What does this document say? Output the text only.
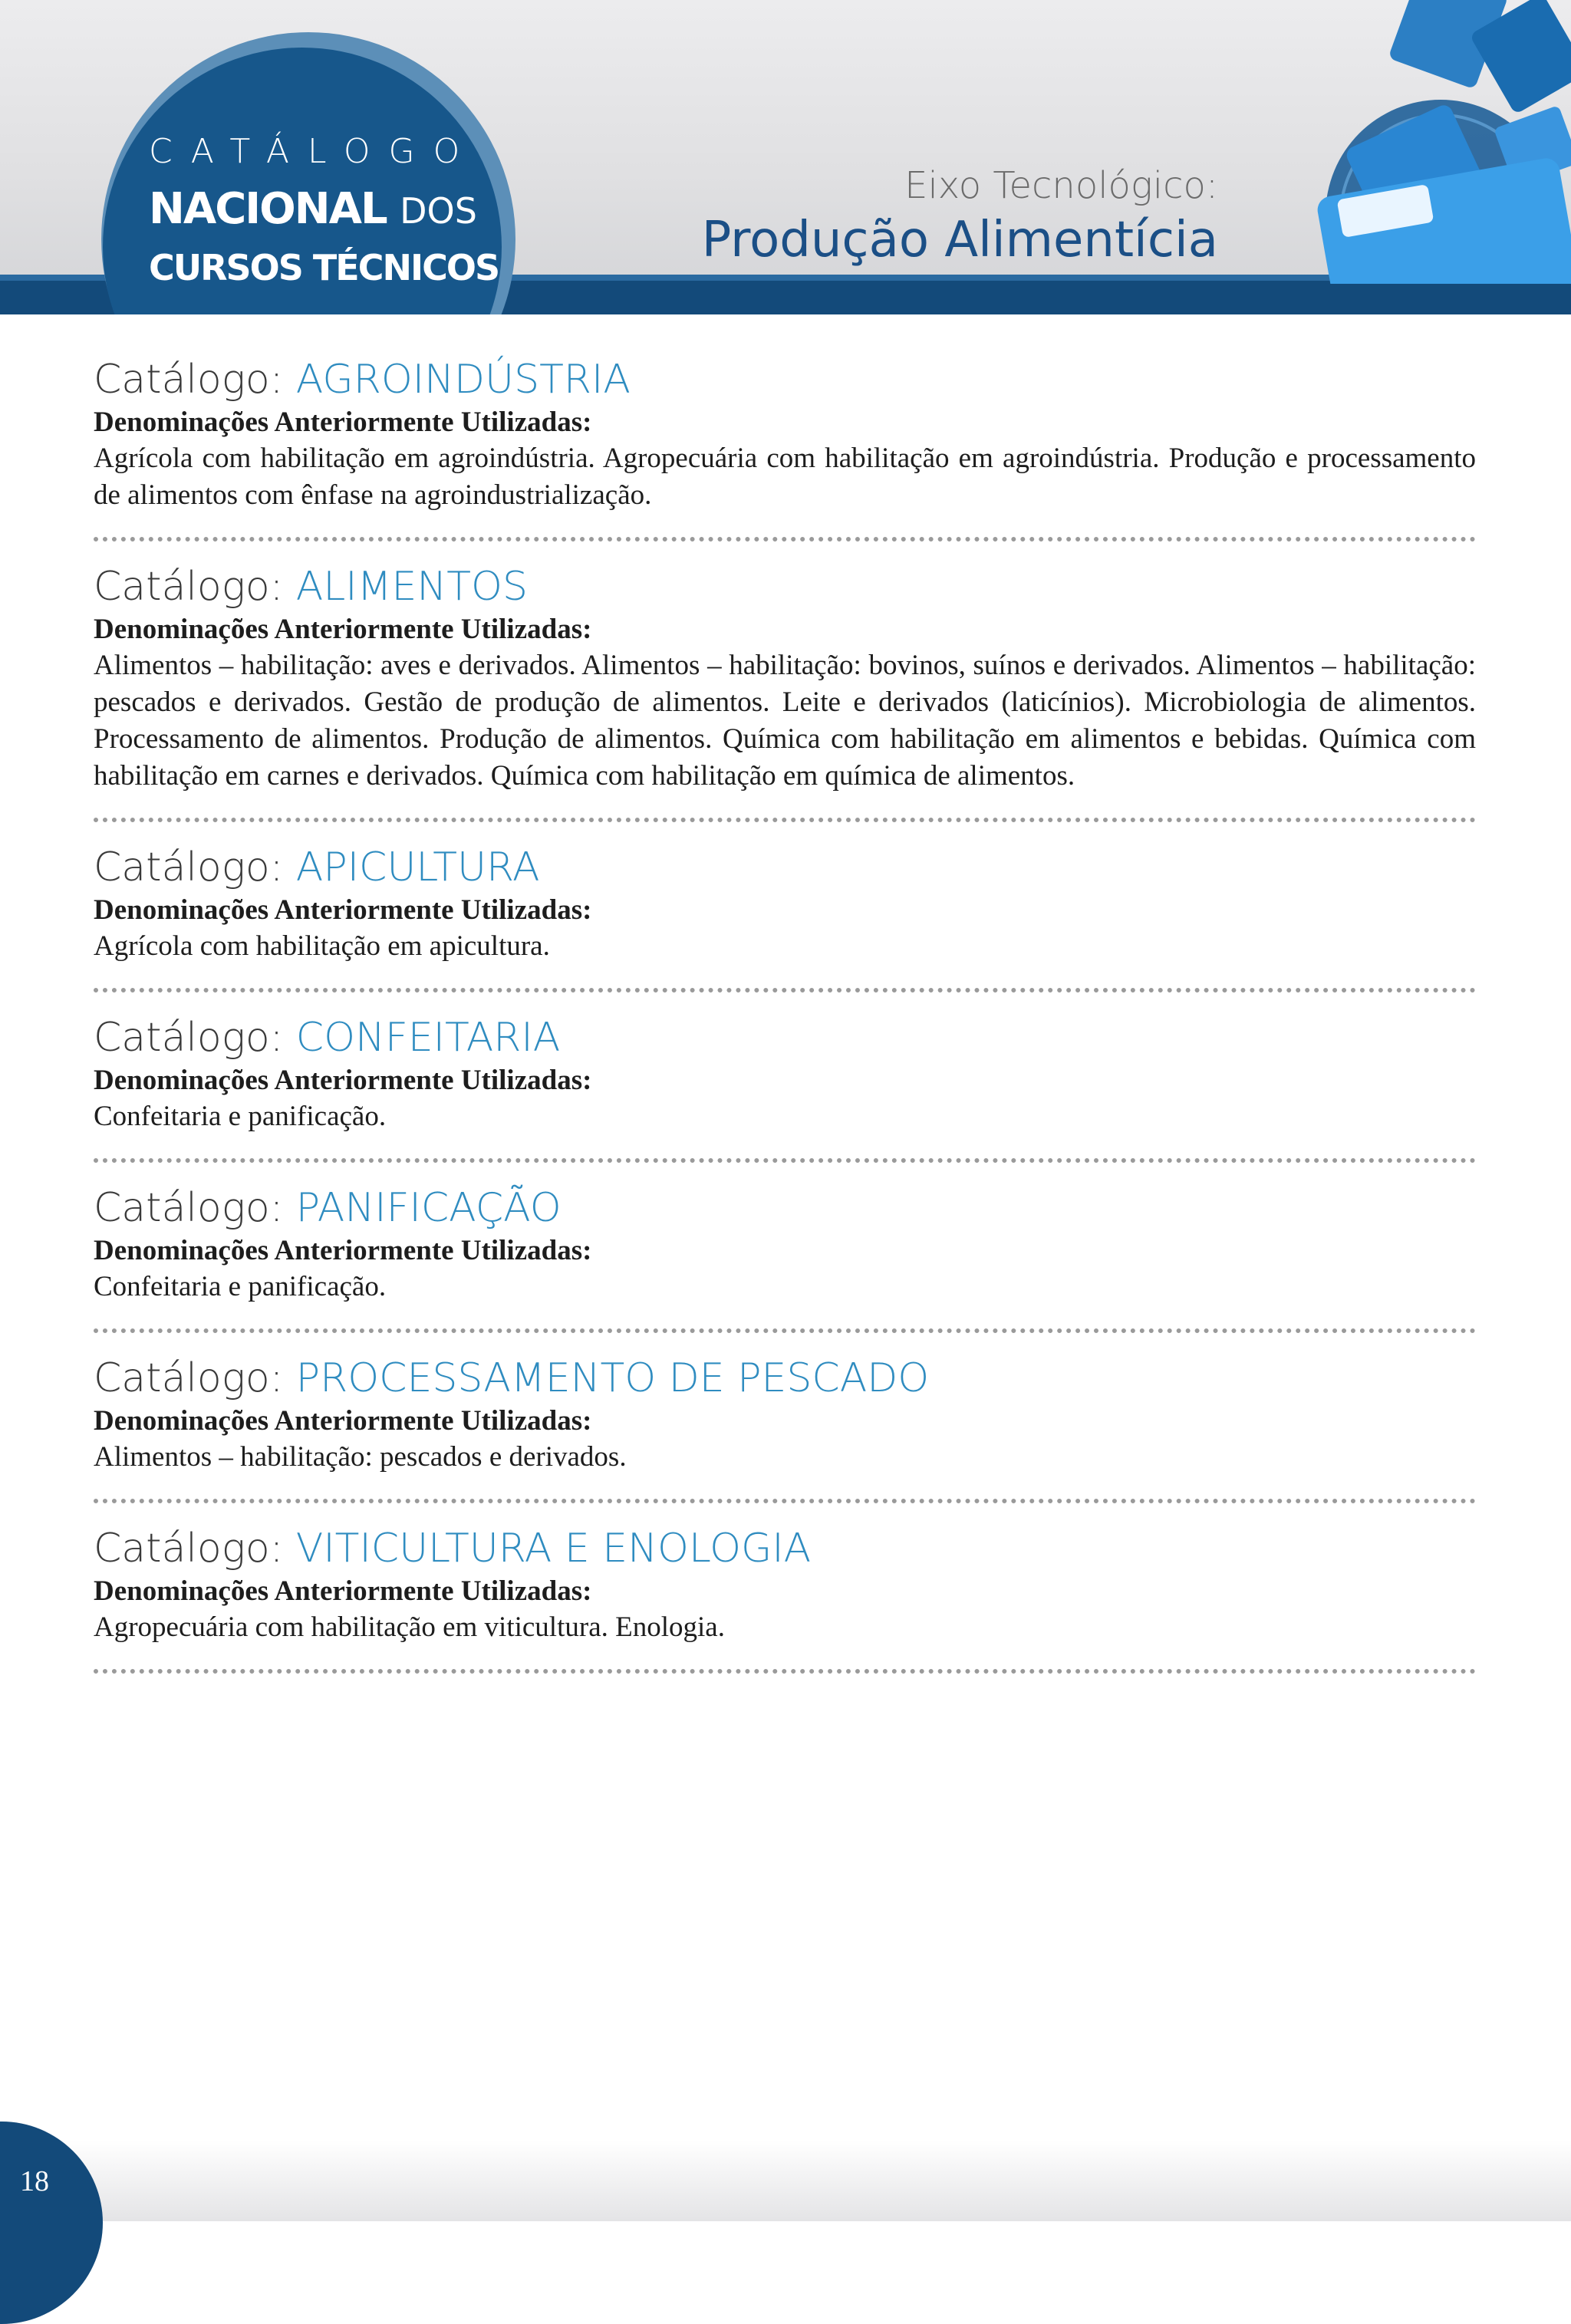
CATÁLOGO
NACIONAL DOS
CURSOS TÉCNICOS
Eixo Tecnológico:
Produção Alimentícia
Catálogo: AGROINDÚSTRIA
Denominações Anteriormente Utilizadas:
Agrícola com habilitação em agroindústria. Agropecuária com habilitação em agroindústria. Produção e processamento de alimentos com ênfase na agroindustrialização.
Catálogo: ALIMENTOS
Denominações Anteriormente Utilizadas:
Alimentos – habilitação: aves e derivados. Alimentos – habilitação: bovinos, suínos e derivados. Alimentos – habilitação: pescados e derivados. Gestão de produção de alimentos. Leite e derivados (laticínios). Microbiologia de alimentos. Processamento de alimentos. Produção de alimentos. Química com habilitação em alimentos e bebidas. Química com habilitação em carnes e derivados. Química com habilitação em química de alimentos.
Catálogo: APICULTURA
Denominações Anteriormente Utilizadas:
Agrícola com habilitação em apicultura.
Catálogo: CONFEITARIA
Denominações Anteriormente Utilizadas:
Confeitaria e panificação.
Catálogo: PANIFICAÇÃO
Denominações Anteriormente Utilizadas:
Confeitaria e panificação.
Catálogo: PROCESSAMENTO DE PESCADO
Denominações Anteriormente Utilizadas:
Alimentos – habilitação: pescados e derivados.
Catálogo: VITICULTURA E ENOLOGIA
Denominações Anteriormente Utilizadas:
Agropecuária com habilitação em viticultura. Enologia.
18
